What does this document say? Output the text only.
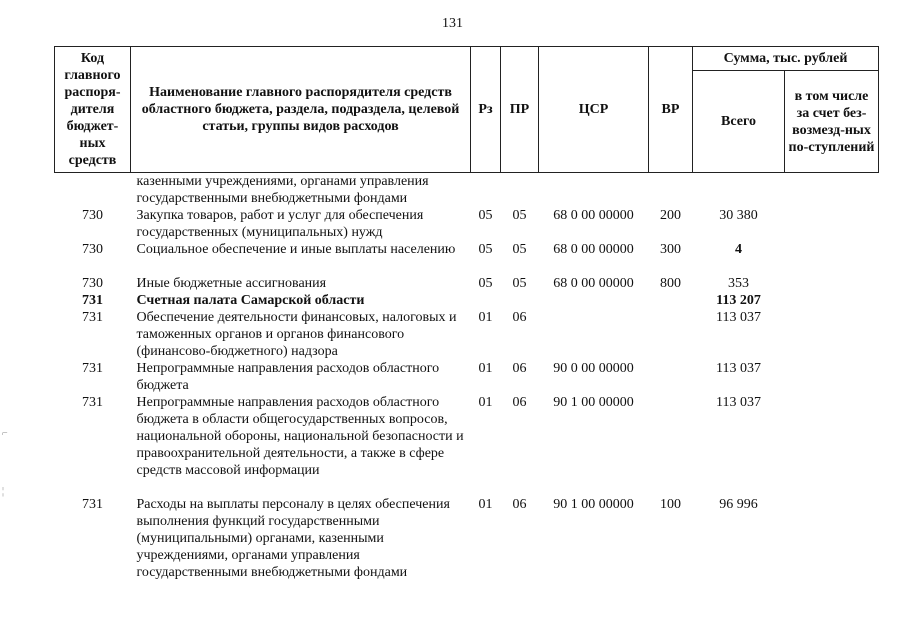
131
Код главного распоря-дителя бюджет-ных средств	Наименование главного распорядителя средств областного бюджета, раздела, подраздела, целевой статьи, группы видов расходов	Рз	ПР	ЦСР	ВР	Сумма, тыс. рублей	
						Всего	в том числе за счет без-возмезд-ных по-ступлений
	казенными учреждениями, органами управления государственными внебюджетными фондами						
730	Закупка товаров, работ и услуг для обеспечения государственных (муниципальных) нужд	05	05	68 0 00 00000	200	30 380	
730	Социальное обеспечение и иные выплаты населению	05	05	68 0 00 00000	300	4	
730	Иные бюджетные ассигнования	05	05	68 0 00 00000	800	353	
731	Счетная палата Самарской области					113 207	
731	Обеспечение деятельности финансовых, налоговых и таможенных органов и органов финансового (финансово-бюджетного) надзора	01	06			113 037	
731	Непрограммные направления расходов областного бюджета	01	06	90 0 00 00000		113 037	
731	Непрограммные направления расходов областного бюджета в области общегосударственных вопросов, национальной обороны, национальной безопасности и правоохранительной деятельности, а также в сфере средств массовой информации	01	06	90 1 00 00000		113 037	
731	Расходы на выплаты персоналу в целях обеспечения выполнения функций государственными (муниципальными) органами, казенными учреждениями, органами управления государственными внебюджетными фондами	01	06	90 1 00 00000	100	96 996	
⌐
¦
